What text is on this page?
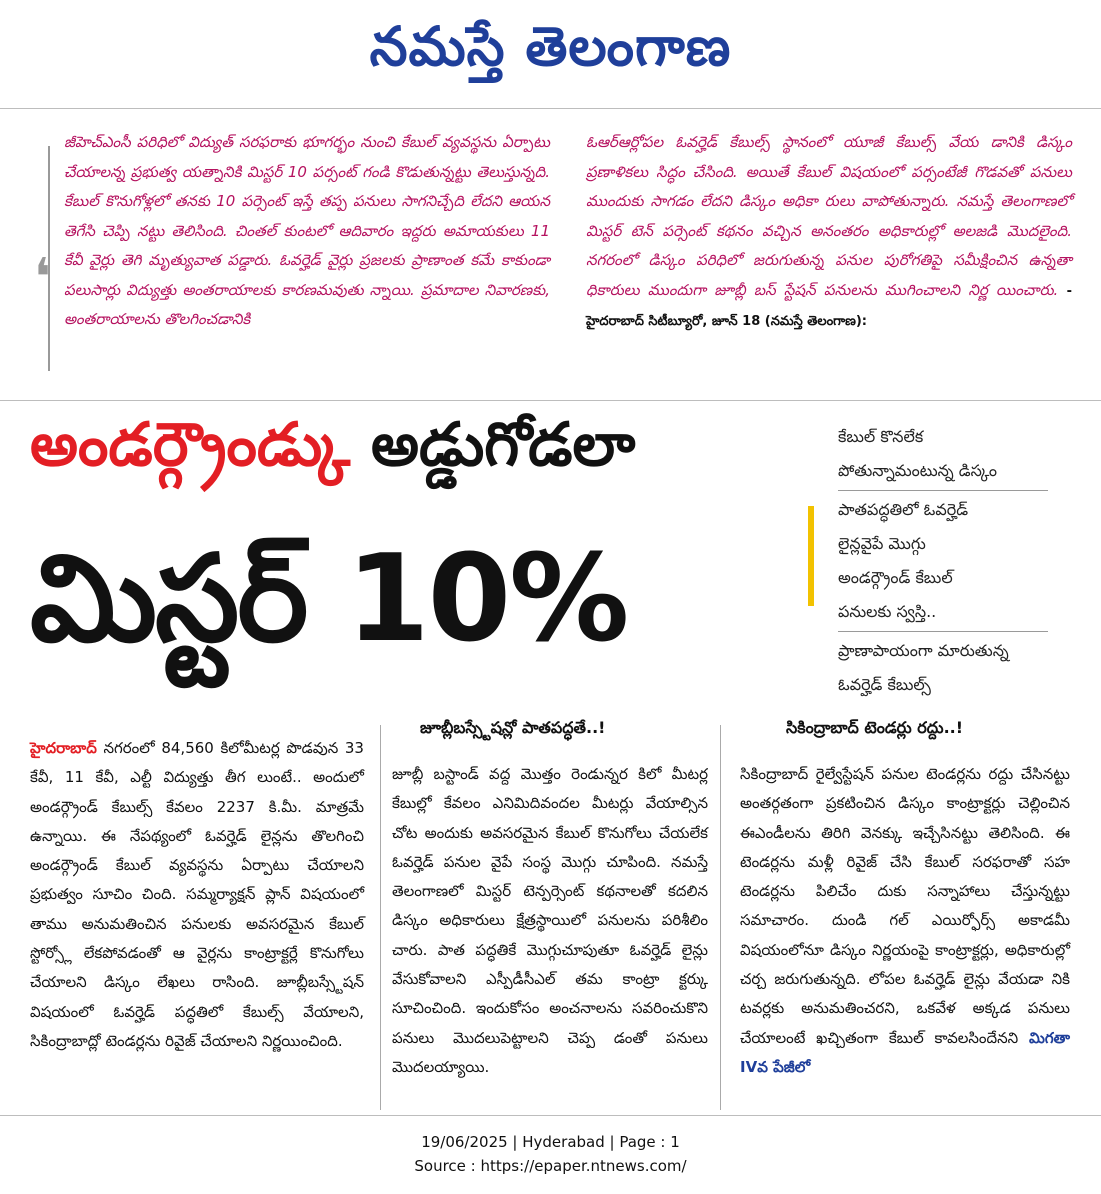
నమస్తే తెలంగాణ
❛
జీహెచ్ఎంసీ పరిధిలో విద్యుత్ సరఫరాకు భూగర్భం నుంచి కేబుల్ వ్యవస్థను ఏర్పాటు చేయాలన్న ప్రభుత్వ యత్నానికి మిస్టర్ 10 పర్సంట్ గండి కొడుతున్నట్టు తెలుస్తున్నది. కేబుల్ కొనుగోళ్లలో తనకు 10 పర్సెంట్ ఇస్తే తప్ప పనులు సాగనిచ్చేది లేదని ఆయన తెగేసి చెప్పి నట్టు తెలిసింది. చింతల్ కుంటలో ఆదివారం ఇద్దరు అమాయకులు 11 కేవీ వైర్లు తెగి మృత్యువాత పడ్డారు. ఓవర్హెడ్ వైర్లు ప్రజలకు ప్రాణాంత కమే కాకుండా పలుసార్లు విద్యుత్తు అంతరాయాలకు కారణమవుతు న్నాయి. ప్రమాదాల నివారణకు, అంతరాయాలను తొలగించడానికి
ఓఆర్ఆర్లోపల ఓవర్హెడ్ కేబుల్స్ స్థానంలో యూజీ కేబుల్స్ వేయ డానికి డిస్కం ప్రణాళికలు సిద్ధం చేసింది. అయితే కేబుల్ విషయంలో పర్సంటేజీ గొడవతో పనులు ముందుకు సాగడం లేదని డిస్కం అధికా రులు వాపోతున్నారు. నమస్తే తెలంగాణలో మిస్టర్ టెన్ పర్సెంట్ కథనం వచ్చిన అనంతరం అధికారుల్లో అలజడి మొదలైంది. నగరంలో డిస్కం పరిధిలో జరుగుతున్న పనుల పురోగతిపై సమీక్షించిన ఉన్నతా ధికారులు ముందుగా జూబ్లీ బస్ స్టేషన్ పనులను ముగించాలని నిర్ణ యించారు. - హైదరాబాద్ సిటీబ్యూరో, జూన్ 18 (నమస్తే తెలంగాణ):
అండర్గ్రౌండ్కు అడ్డుగోడలా
మిస్టర్ 10%
కేబుల్ కొనలేక
పోతున్నామంటున్న డిస్కం
పాతపద్ధతిలో ఓవర్హెడ్
లైన్లవైపే మొగ్గు
అండర్గ్రౌండ్ కేబుల్
పనులకు స్వస్తి..
ప్రాణాపాయంగా మారుతున్న
ఓవర్హెడ్ కేబుల్స్
జూబ్లీబస్స్టేషన్లో పాతపద్ధతే..!	సికింద్రాబాద్ టెండర్లు రద్దు..!
హైదరాబాద్ నగరంలో 84,560 కిలోమీటర్ల పొడవున 33 కేవీ, 11 కేవీ, ఎల్టీ విద్యుత్తు తీగ లుంటే.. అందులో అండర్గ్రౌండ్ కేబుల్స్ కేవలం 2237 కి.మీ. మాత్రమే ఉన్నాయి. ఈ నేపథ్యంలో ఓవర్హెడ్ లైన్లను తొలగించి అండర్గ్రౌండ్ కేబుల్ వ్యవస్థను ఏర్పాటు చేయాలని ప్రభుత్వం సూచిం చింది. సమ్మర్యాక్షన్ ప్లాన్ విషయంలో తాము అనుమతించిన పనులకు అవసరమైన కేబుల్ స్టోర్స్లో లేకపోవడంతో ఆ వైర్లను కాంట్రాక్టర్లే కొనుగోలు చేయాలని డిస్కం లేఖలు రాసింది. జూబ్లీబస్స్టేషన్ విషయంలో ఓవర్హెడ్ పద్ధతిలో కేబుల్స్ వేయాలని, సికింద్రాబాద్లో టెండర్లను రివైజ్ చేయాలని నిర్ణయించింది.
జూబ్లీ బస్టాండ్ వద్ద మొత్తం రెండున్నర కిలో మీటర్ల కేబుల్లో కేవలం ఎనిమిదివందల మీటర్లు వేయాల్సిన చోట అందుకు అవసరమైన కేబుల్ కొనుగోలు చేయలేక ఓవర్హెడ్ పనుల వైపే సంస్థ మొగ్గు చూపింది. నమస్తే తెలంగాణలో మిస్టర్ టెన్పర్సెంట్ కథనాలతో కదలిన డిస్కం అధికారులు క్షేత్రస్థాయిలో పనులను పరిశీలిం చారు. పాత పద్ధతికే మొగ్గుచూపుతూ ఓవర్హెడ్ లైన్లు వేసుకోవాలని ఎస్పీడీసీఎల్ తమ కాంట్రా క్టర్కు సూచించింది. ఇందుకోసం అంచనాలను సవరించుకొని పనులు మొదలుపెట్టాలని చెప్ప డంతో పనులు మొదలయ్యాయి.
సికింద్రాబాద్ రైల్వేస్టేషన్ పనుల టెండర్లను రద్దు చేసినట్టు అంతర్గతంగా ప్రకటించిన డిస్కం కాంట్రాక్టర్లు చెల్లించిన ఈఎండీలను తిరిగి వెనక్కు ఇచ్చేసినట్టు తెలిసింది. ఈ టెండర్లను మళ్లీ రివైజ్ చేసి కేబుల్ సరఫరాతో సహ టెండర్లను పిలిచేం దుకు సన్నాహాలు చేస్తున్నట్టు సమాచారం. దుండి గల్ ఎయిర్ఫోర్స్ అకాడమీ విషయంలోనూ డిస్కం నిర్ణయంపై కాంట్రాక్టర్లు, అధికారుల్లో చర్చ జరుగుతున్నది. లోపల ఓవర్హెడ్ లైన్లు వేయడా నికి టవర్లకు అనుమతించరని, ఒకవేళ అక్కడ పనులు చేయాలంటే ఖచ్చితంగా కేబుల్ కావలసిందేనని మిగతా IVవ పేజీలో
19/06/2025 | Hyderabad | Page : 1
Source : https://epaper.ntnews.com/
